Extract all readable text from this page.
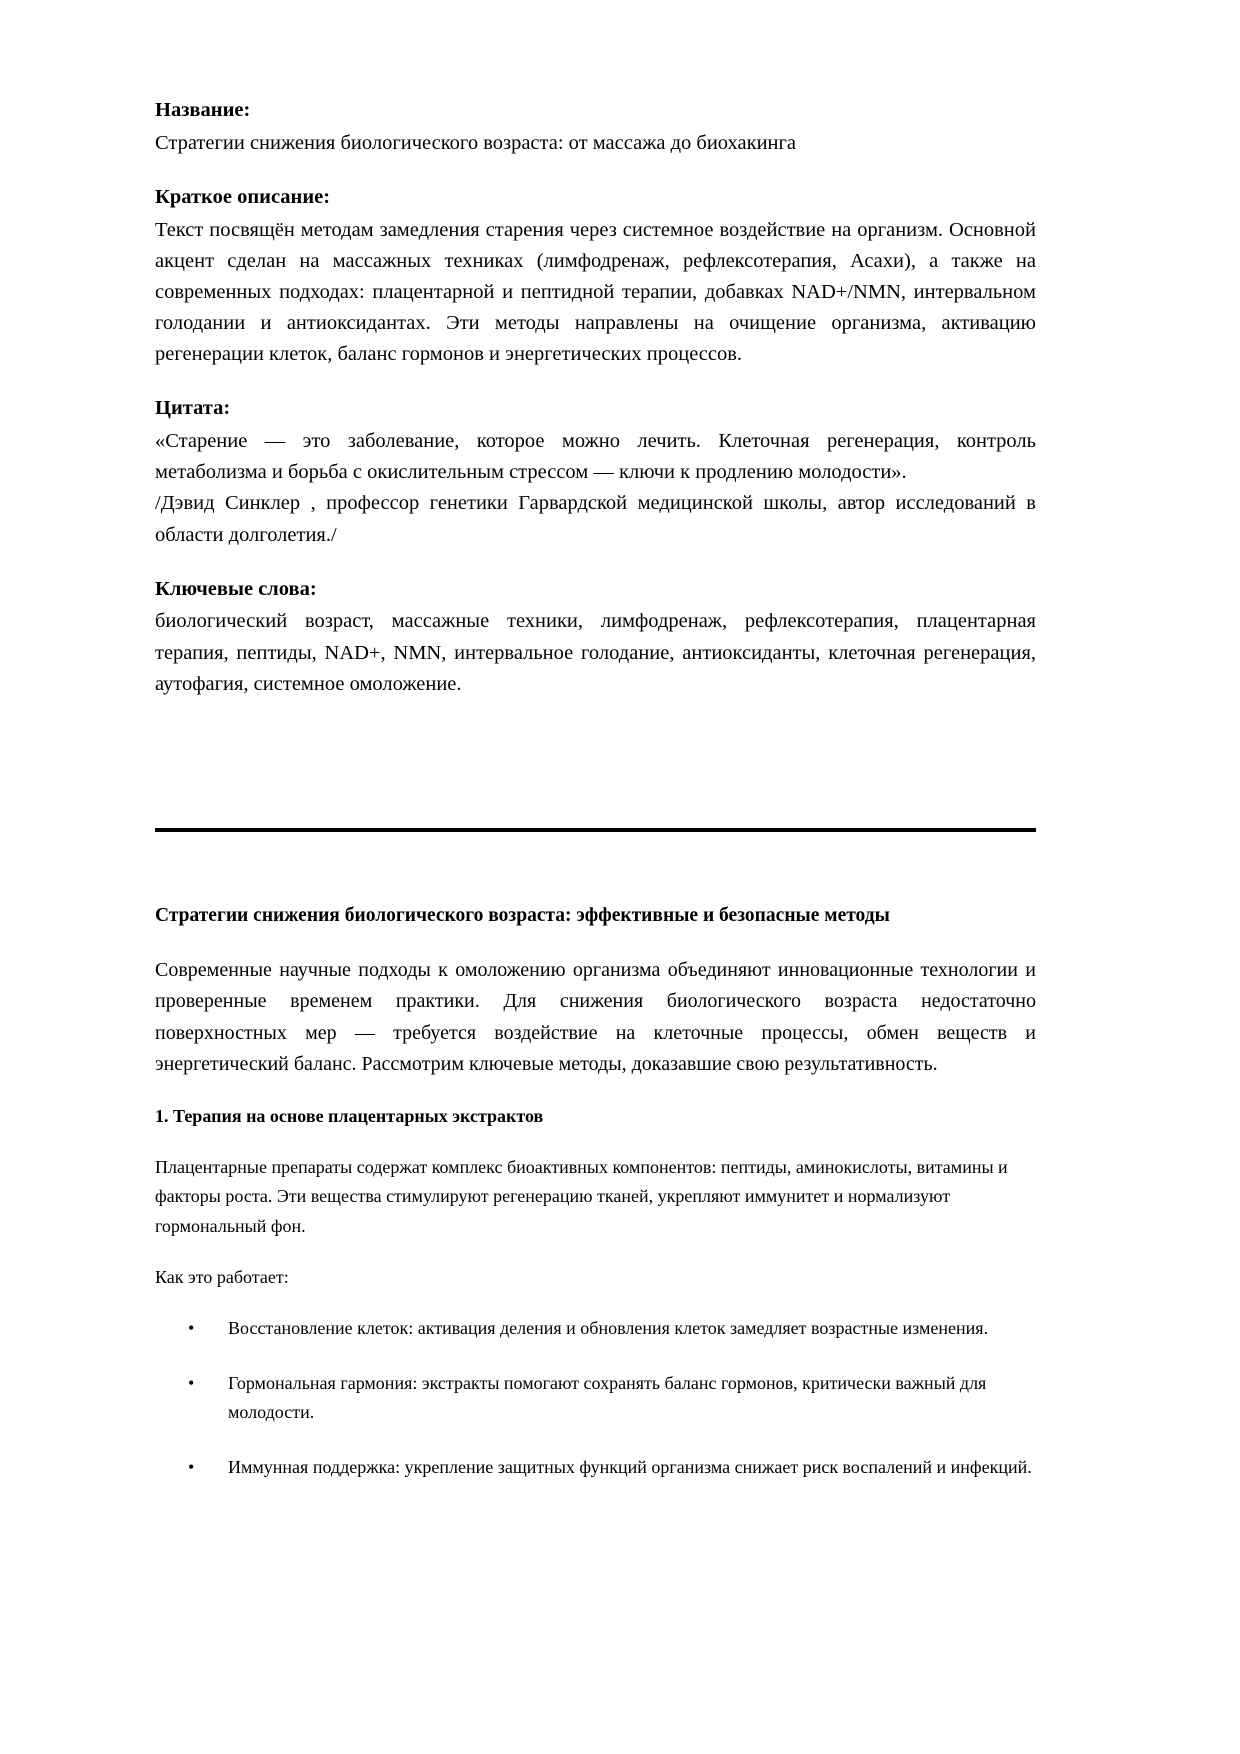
Название:

Стратегии снижения биологического возраста: от массажа до биохакинга

Краткое описание:

Текст посвящён методам замедления старения через системное воздействие на организм. Основной акцент сделан на массажных техниках (лимфодренаж, рефлексотерапия, Асахи), а также на современных подходах: плацентарной и пептидной терапии, добавках NAD+/NMN, интервальном голодании и антиоксидантах. Эти методы направлены на очищение организма, активацию регенерации клеток, баланс гормонов и энергетических процессов.

Цитата:

«Старение — это заболевание, которое можно лечить. Клеточная регенерация, контроль метаболизма и борьба с окислительным стрессом — ключи к продлению молодости».

/Дэвид Синклер , профессор генетики Гарвардской медицинской школы, автор исследований в области долголетия./

Ключевые слова:

биологический возраст, массажные техники, лимфодренаж, рефлексотерапия, плацентарная терапия, пептиды, NAD+, NMN, интервальное голодание, антиоксиданты, клеточная регенерация, аутофагия, системное омоложение.

Стратегии снижения биологического возраста: эффективные и безопасные методы

Современные научные подходы к омоложению организма объединяют инновационные технологии и проверенные временем практики. Для снижения биологического возраста недостаточно поверхностных мер — требуется воздействие на клеточные процессы, обмен веществ и энергетический баланс. Рассмотрим ключевые методы, доказавшие свою результативность.

1. Терапия на основе плацентарных экстрактов

Плацентарные препараты содержат комплекс биоактивных компонентов: пептиды, аминокислоты, витамины и факторы роста. Эти вещества стимулируют регенерацию тканей, укрепляют иммунитет и нормализуют гормональный фон.

Как это работает:

• Восстановление клеток: активация деления и обновления клеток замедляет возрастные изменения.
• Гормональная гармония: экстракты помогают сохранять баланс гормонов, критически важный для молодости.
• Иммунная поддержка: укрепление защитных функций организма снижает риск воспалений и инфекций.
